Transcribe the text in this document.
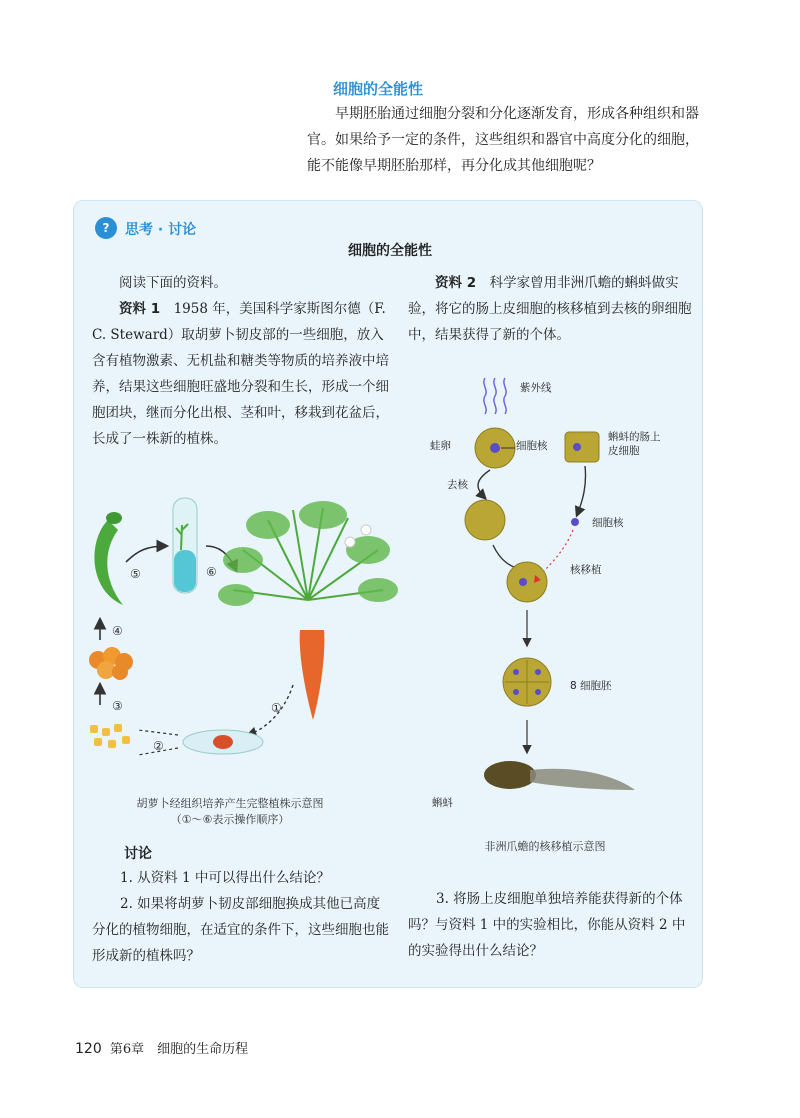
细胞的全能性

早期胚胎通过细胞分裂和分化逐渐发育，形成各种组织和器官。如果给予一定的条件，这些组织和器官中高度分化的细胞，能不能像早期胚胎那样，再分化成其他细胞呢？

?	思考 · 讨论
细胞的全能性

阅读下面的资料。

资料 1　 1958 年，美国科学家斯图尔德（F. C. Steward）取胡萝卜韧皮部的一些细胞，放入含有植物激素、无机盐和糖类等物质的培养液中培养，结果这些细胞旺盛地分裂和生长，形成一个细胞团块，继而分化出根、茎和叶，移栽到花盆后，长成了一株新的植株。

资料 2　 科学家曾用非洲爪蟾的蝌蚪做实验，将它的肠上皮细胞的核移植到去核的卵细胞中，结果获得了新的个体。

⑤	⑥
①
②
④
③
胡萝卜经组织培养产生完整植株示意图
（①～⑥表示操作顺序）
紫外线
蛙卵	细胞核
蝌蚪的肠上皮细胞
去核
细胞核
核移植
8 细胞胚
蝌蚪
非洲爪蟾的核移植示意图
讨论

1. 从资料 1 中可以得出什么结论？

2. 如果将胡萝卜韧皮部细胞换成其他已高度分化的植物细胞，在适宜的条件下，这些细胞也能形成新的植株吗？

3. 将肠上皮细胞单独培养能获得新的个体吗？与资料 1 中的实验相比，你能从资料 2 中的实验得出什么结论？

120 第6章　细胞的生命历程
